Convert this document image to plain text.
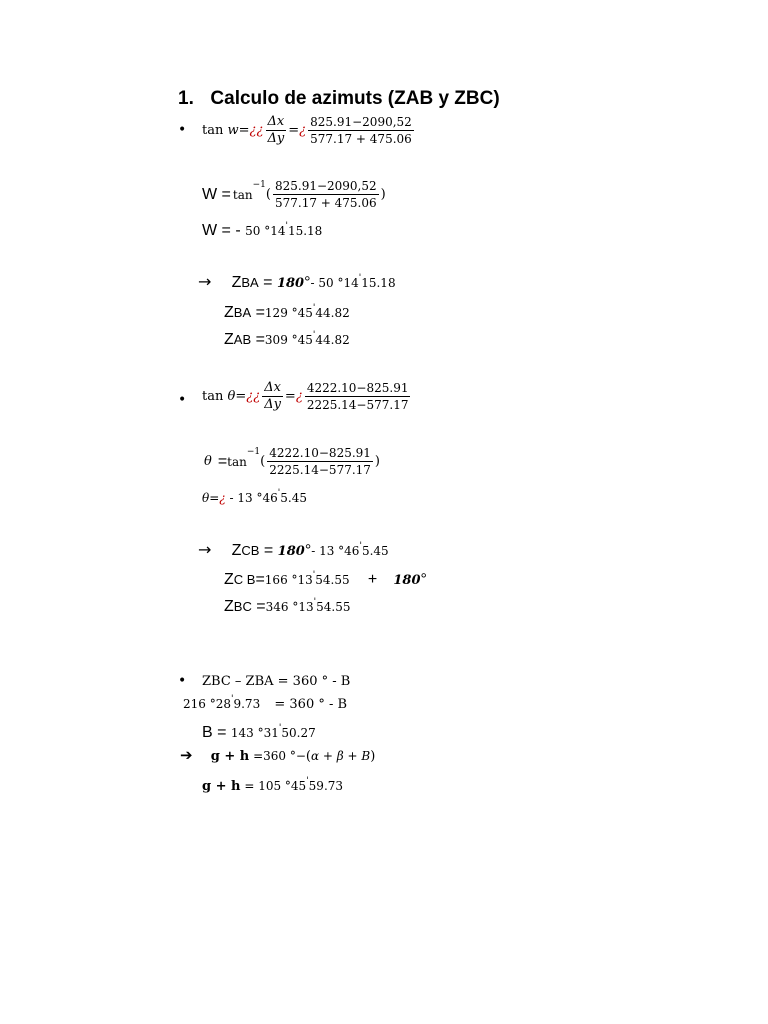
1. Calculo de azimuts (ZAB y ZBC)
• tan
w = ¿¿ $\frac{\Delta x}{\Delta y}$ = ¿ $\frac{825.91-2090,52}{577.17 + 475.06}$
W = tan
$^{-1}$
( $\frac{825.91-2090,52}{577.17 + 475.06}$ )
W = - 50 °14'15.18
→ ZBA = 180°- 50 °14'15.18
ZBA =129 °45'44.82
ZAB =309 °45'44.82
• tan
θ = ¿¿ $\frac{\Delta x}{\Delta y}$ = ¿ $\frac{4222.10-825.91}{2225.14-577.17}$
θ = tan
$^{-1}$
( $\frac{4222.10-825.91}{2225.14-577.17}$ )
θ=¿ - 13 °46'5.45
→ ZCB = 180°- 13 °46'5.45
ZC B=166 °13'54.55 + 180°
ZBC =346 °13'54.55
• ZBC – ZBA = 360 ° - B
216 °28'9.73 = 360 ° - B
B = 143 °31'50.27
➔ g + h =360 °−(α + β + B)
g + h = 105 °45'59.73
